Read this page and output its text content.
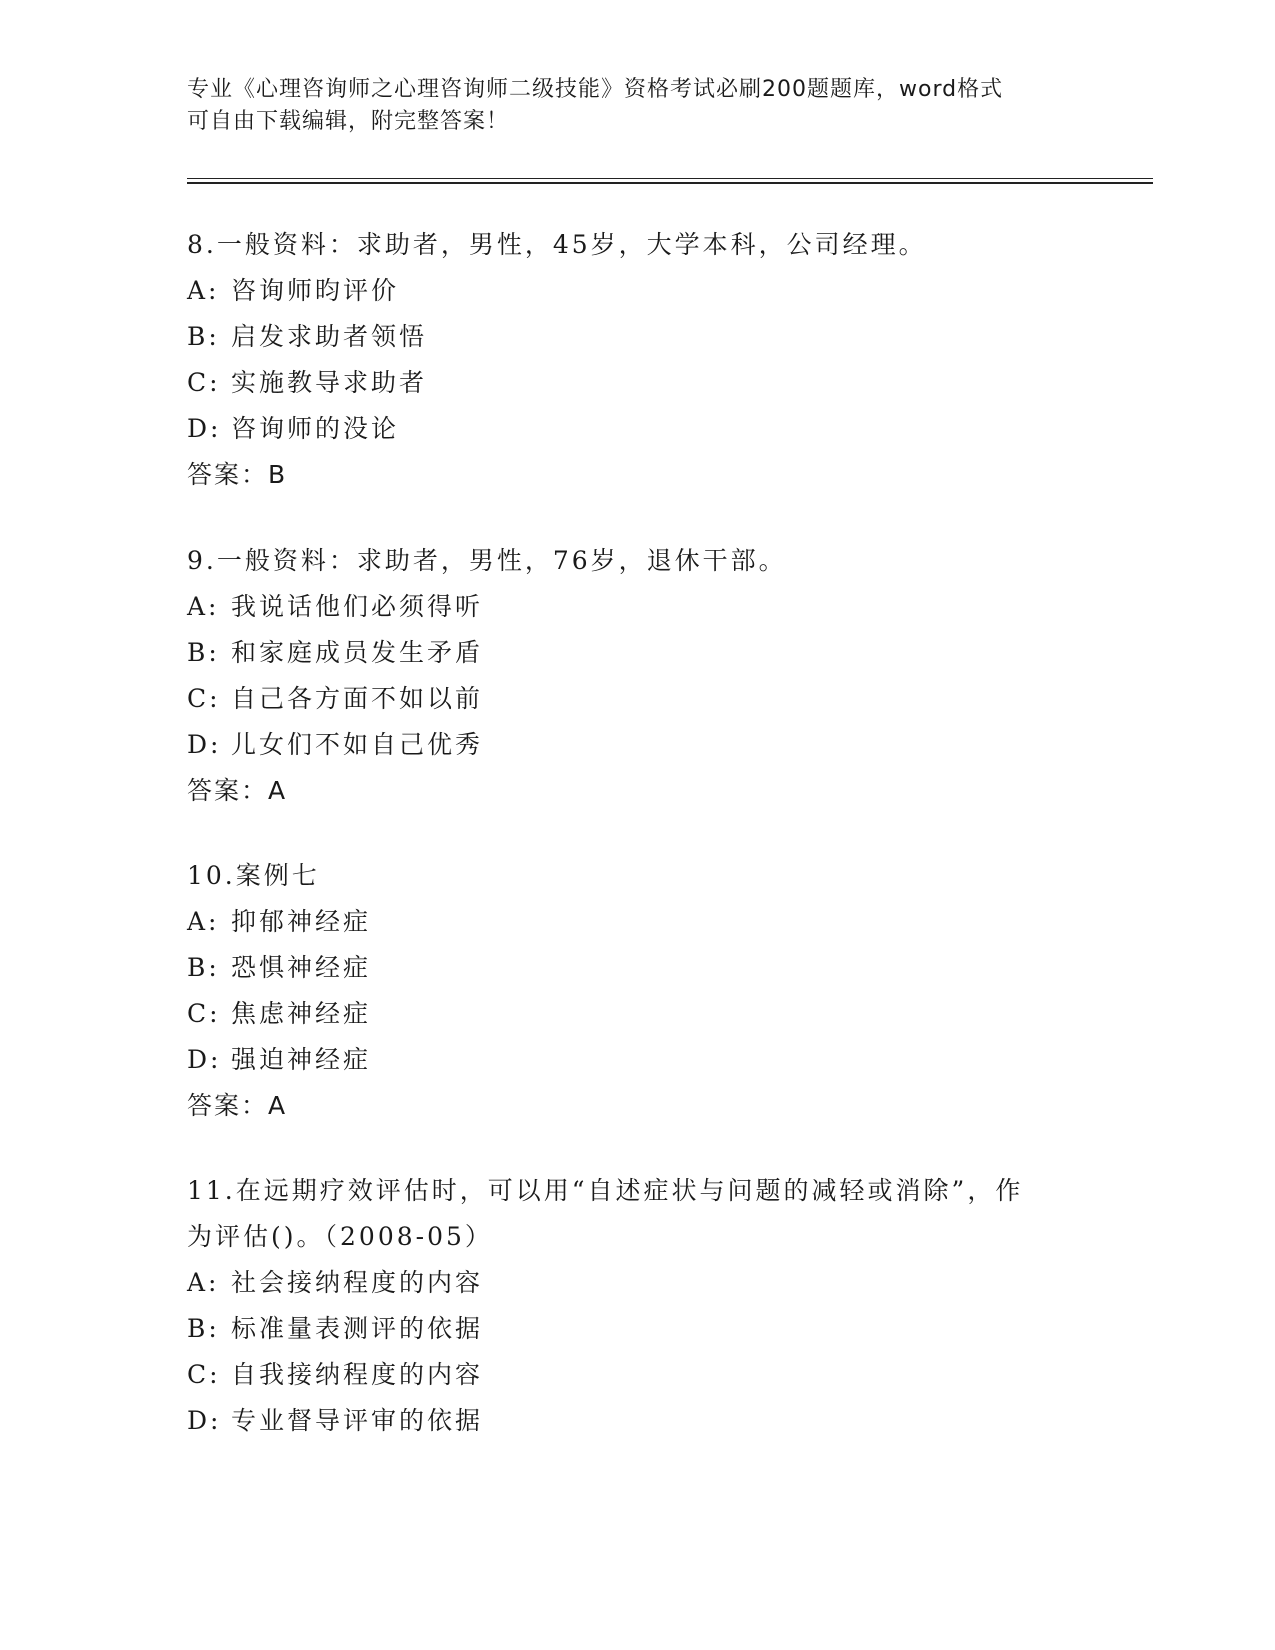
专业《心理咨询师之心理咨询师二级技能》资格考试必刷200题题库，word格式
可自由下载编辑，附完整答案！
8.一般资料：求助者，男性，45岁，大学本科，公司经理。
A: 咨询师昀评价
B: 启发求助者领悟
C: 实施教导求助者
D: 咨询师的没论
答案：B
9.一般资料：求助者，男性，76岁，退休干部。
A: 我说话他们必须得听
B: 和家庭成员发生矛盾
C: 自己各方面不如以前
D: 儿女们不如自己优秀
答案：A
10.案例七
A: 抑郁神经症
B: 恐惧神经症
C: 焦虑神经症
D: 强迫神经症
答案：A
11.在远期疗效评估时，可以用“自述症状与问题的减轻或消除”，作
为评估()。（2008-05）
A: 社会接纳程度的内容
B: 标准量表测评的依据
C: 自我接纳程度的内容
D: 专业督导评审的依据
